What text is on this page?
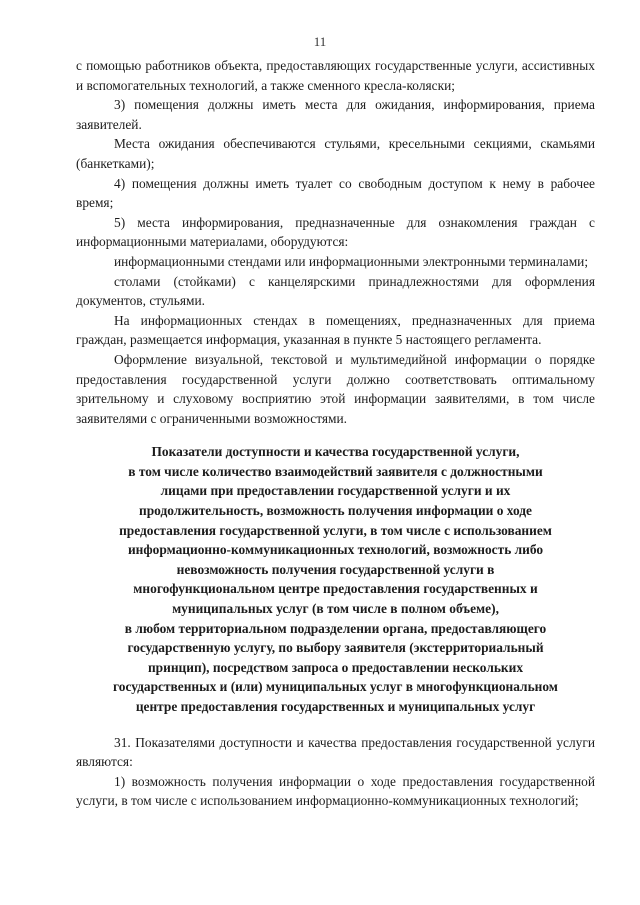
11

с помощью работников объекта, предоставляющих государственные услуги, ассистивных и вспомогательных технологий, а также сменного кресла-коляски;

3) помещения должны иметь места для ожидания, информирования, приема заявителей.

Места ожидания обеспечиваются стульями, кресельными секциями, скамьями (банкетками);

4) помещения должны иметь туалет со свободным доступом к нему в рабочее время;

5) места информирования, предназначенные для ознакомления граждан с информационными материалами, оборудуются:

информационными стендами или информационными электронными терминалами;

столами (стойками) с канцелярскими принадлежностями для оформления документов, стульями.

На информационных стендах в помещениях, предназначенных для приема граждан, размещается информация, указанная в пункте 5 настоящего регламента.

Оформление визуальной, текстовой и мультимедийной информации о порядке предоставления государственной услуги должно соответствовать оптимальному зрительному и слуховому восприятию этой информации заявителями, в том числе заявителями с ограниченными возможностями.

Показатели доступности и качества государственной услуги,
в том числе количество взаимодействий заявителя с должностными
лицами при предоставлении государственной услуги и их
продолжительность, возможность получения информации о ходе
предоставления государственной услуги, в том числе с использованием
информационно-коммуникационных технологий, возможность либо
невозможность получения государственной услуги в
многофункциональном центре предоставления государственных и
муниципальных услуг (в том числе в полном объеме),
в любом территориальном подразделении органа, предоставляющего
государственную услугу, по выбору заявителя (экстерриториальный
принцип), посредством запроса о предоставлении нескольких
государственных и (или) муниципальных услуг в многофункциональном
центре предоставления государственных и муниципальных услуг

31. Показателями доступности и качества предоставления государственной услуги являются:

1) возможность получения информации о ходе предоставления государственной услуги, в том числе с использованием информационно-коммуникационных технологий;
